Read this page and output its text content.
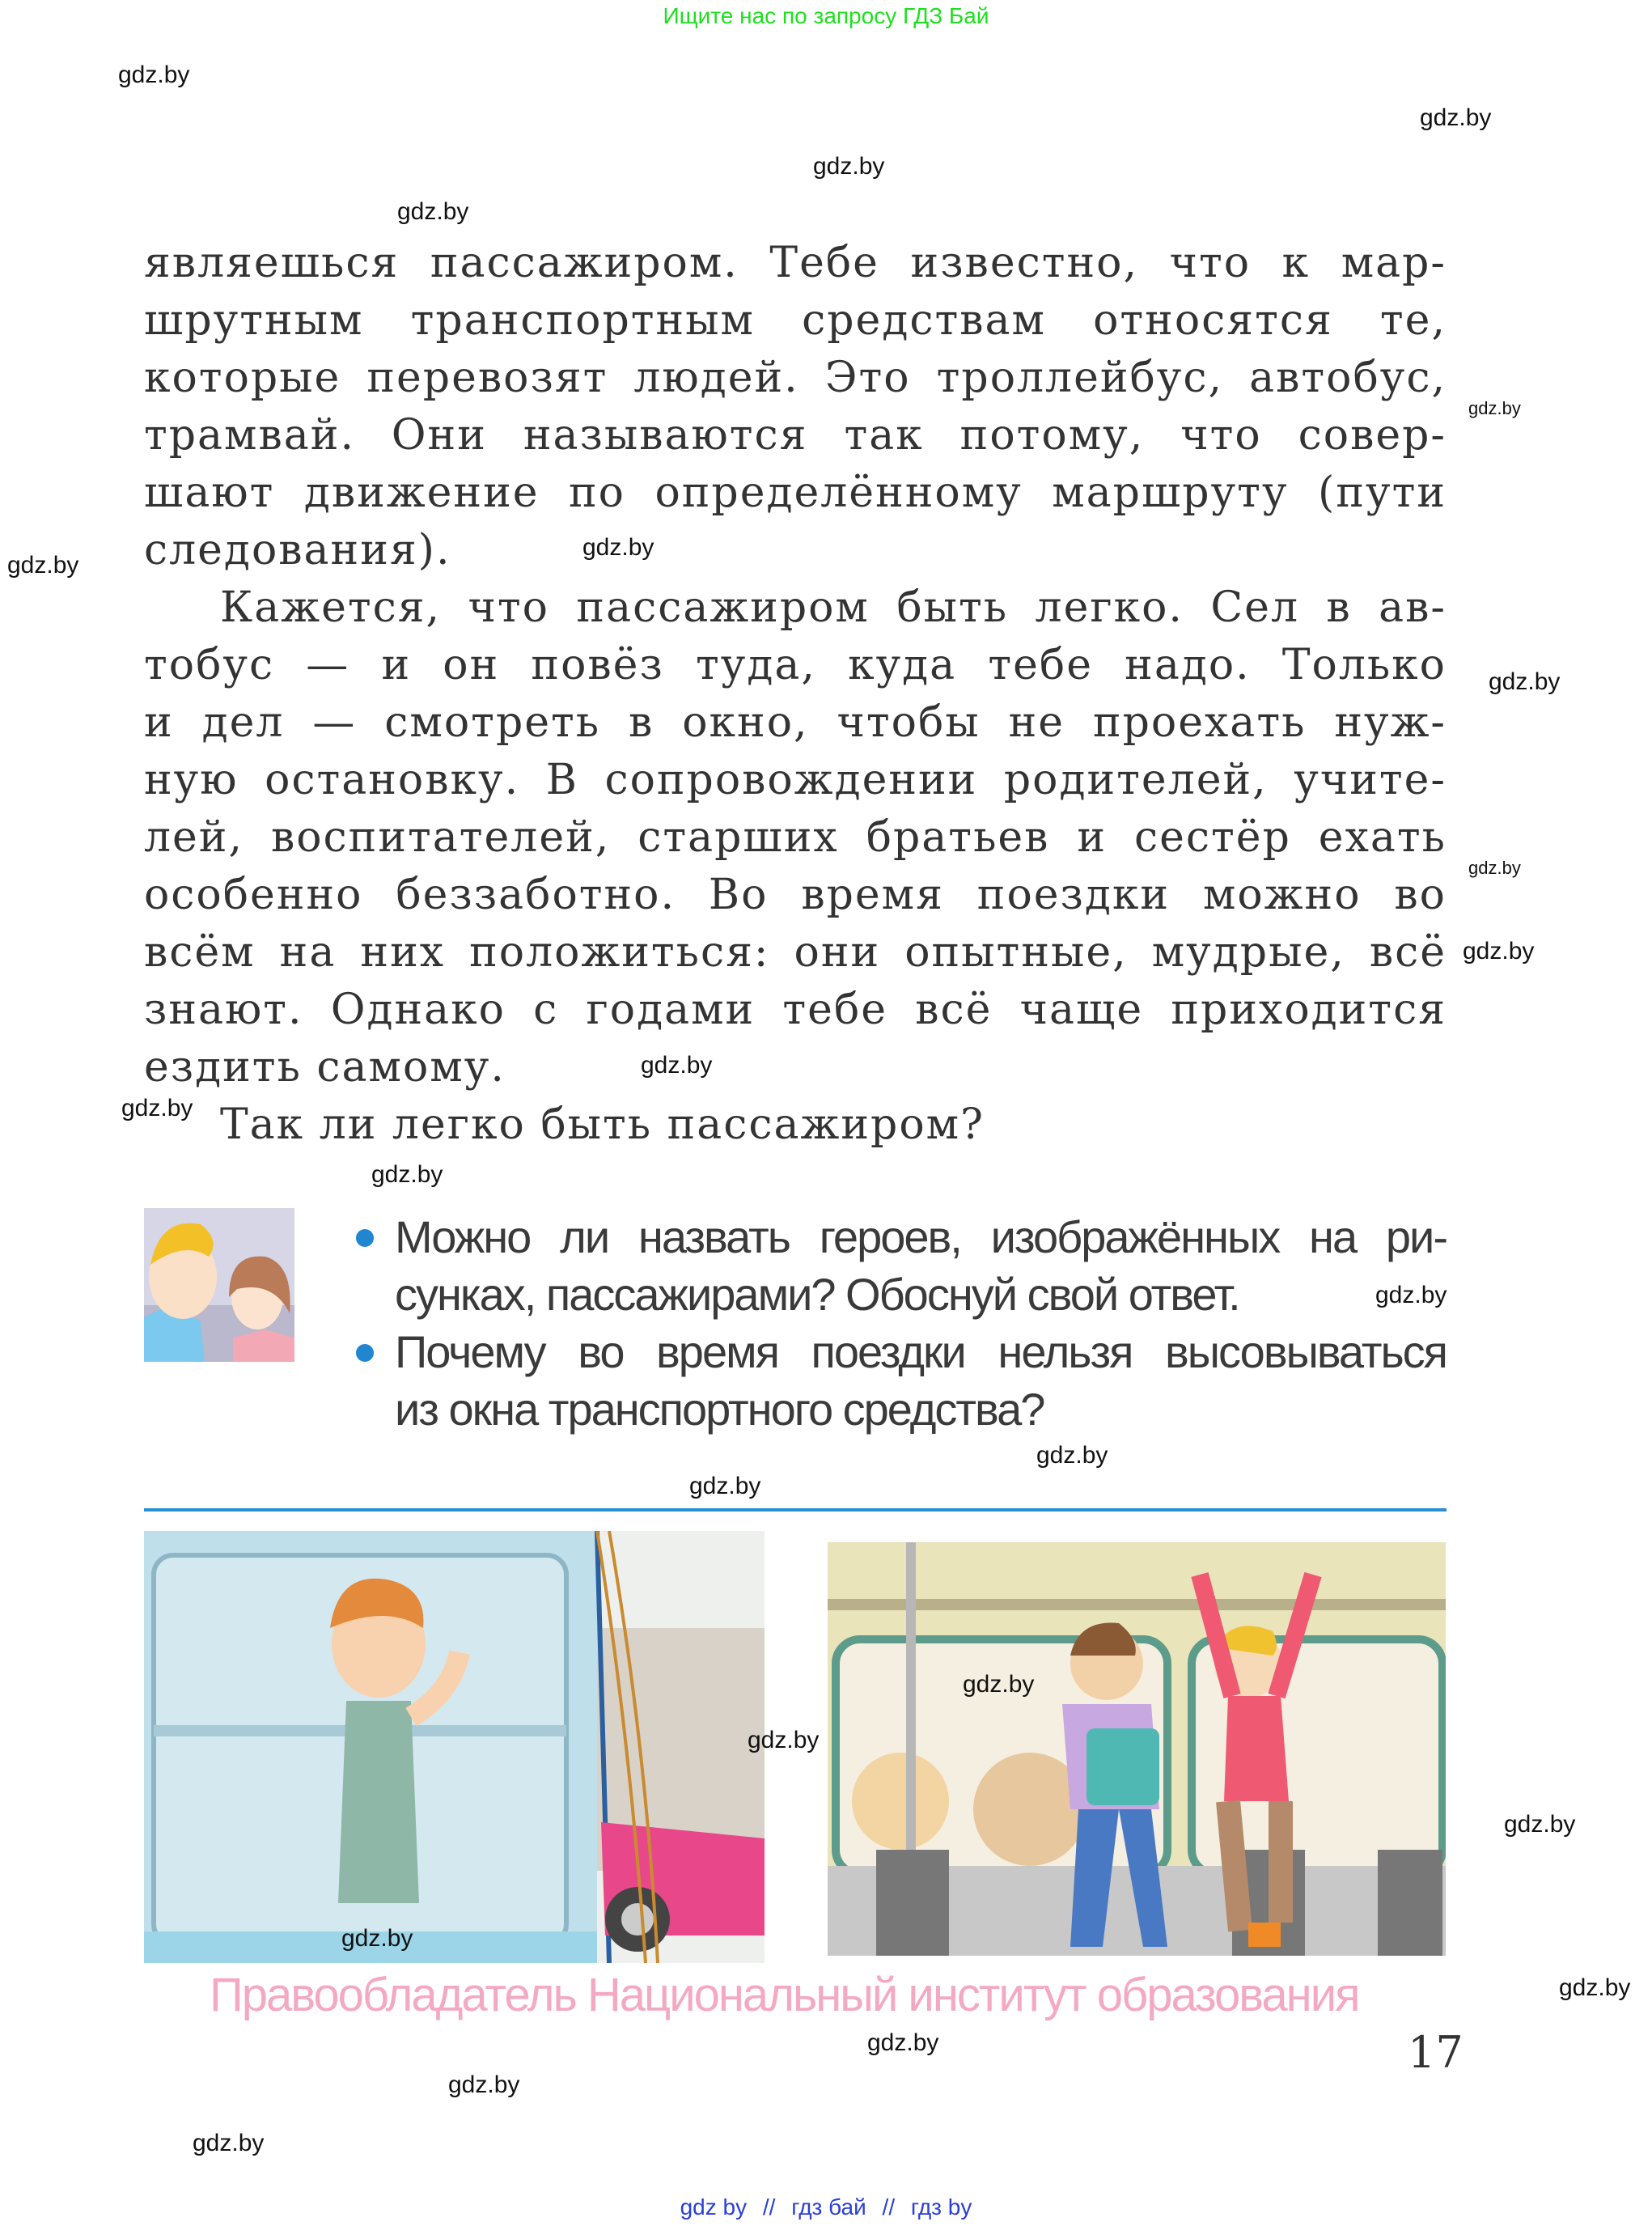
Ищите нас по запросу ГДЗ Бай
являешься пассажиром. Тебе известно, что к мар-
шрутным транспортным средствам относятся те,
которые перевозят людей. Это троллейбус, автобус,
трамвай. Они называются так потому, что совер-
шают движение по определённому маршруту (пути
следования).
Кажется, что пассажиром быть легко. Сел в ав-
тобус — и он повёз туда, куда тебе надо. Только
и дел — смотреть в окно, чтобы не проехать нуж-
ную остановку. В сопровождении родителей, учите-
лей, воспитателей, старших братьев и сестёр ехать
особенно беззаботно. Во время поездки можно во
всём на них положиться: они опытные, мудрые, всё
знают. Однако с годами тебе всё чаще приходится
ездить самому.
Так ли легко быть пассажиром?
Можно ли назвать героев, изображённых на ри-
сунках, пассажирами? Обоснуй свой ответ.
Почему во время поездки нельзя высовываться
из окна транспортного средства?
Правообладатель Национальный институт образования
17
gdz by // гдз бай // гдз by
gdz.by
gdz.by
gdz.by
gdz.by
gdz.by
gdz.by
gdz.by
gdz.by
gdz.by
gdz.by
gdz.by
gdz.by
gdz.by
gdz.by
gdz.by
gdz.by
gdz.by
gdz.by
gdz.by
gdz.by
gdz.by
gdz.by
gdz.by
gdz.by
